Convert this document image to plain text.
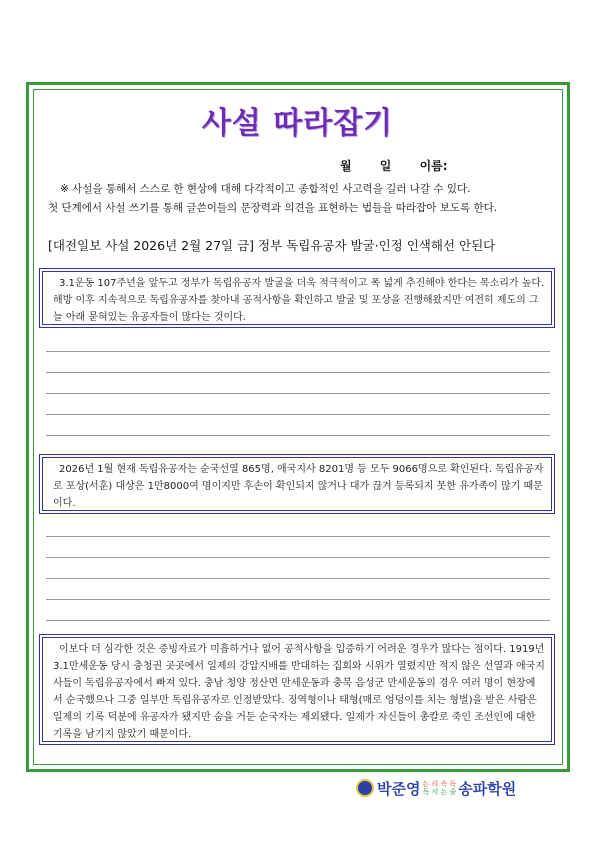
사설 따라잡기
월 일 이름:
※ 사설을 통해서 스스로 한 현상에 대해 다각적이고 종합적인 사고력을 길러 나갈 수 있다.
첫 단계에서 사설 쓰기를 통해 글쓴이들의 문장력과 의견을 표현하는 법들을 따라잡아 보도록 한다.
[대전일보 사설 2026년 2월 27일 금] 정부 독립유공자 발굴·인정 인색해선 안된다

3.1운동 107주년을 앞두고 정부가 독립유공자 발굴을 더욱 적극적이고 폭 넓게 추진해야 한다는 목소리가 높다. 해방 이후 지속적으로 독립유공자를 찾아내 공적사항을 확인하고 발굴 및 포상을 진행해왔지만 여전히 제도의 그늘 아래 묻혀있는 유공자들이 많다는 것이다.

2026년 1월 현재 독립유공자는 순국선열 865명, 애국지사 8201명 등 모두 9066명으로 확인된다. 독립유공자로 포상(서훈) 대상은 1만8000여 명이지만 후손이 확인되지 않거나 대가 끊겨 등록되지 못한 유가족이 많기 때문이다.

이보다 더 심각한 것은 증빙자료가 미흡하거나 없어 공적사항을 입증하기 어려운 경우가 많다는 점이다. 1919년 3.1만세운동 당시 충청권 곳곳에서 일제의 강압지배를 반대하는 집회와 시위가 열렸지만 적지 않은 선열과 애국지사들이 독립유공자에서 빠져 있다. 충남 청양 정산면 만세운동과 충북 음성군 만세운동의 경우 여러 명이 현장에서 순국했으나 그중 일부만 독립유공자로 인정받았다. 징역형이나 태형(매로 엉덩이를 치는 형벌)을 받은 사람은 일제의 기록 덕분에 유공자가 됐지만 숨을 거둔 순국자는 제외됐다. 일제가 자신들이 총칼로 죽인 조선인에 대한 기록을 남기지 않았기 때문이다.

박준영 논 리 속 독
독 서 논 술 송파학원
